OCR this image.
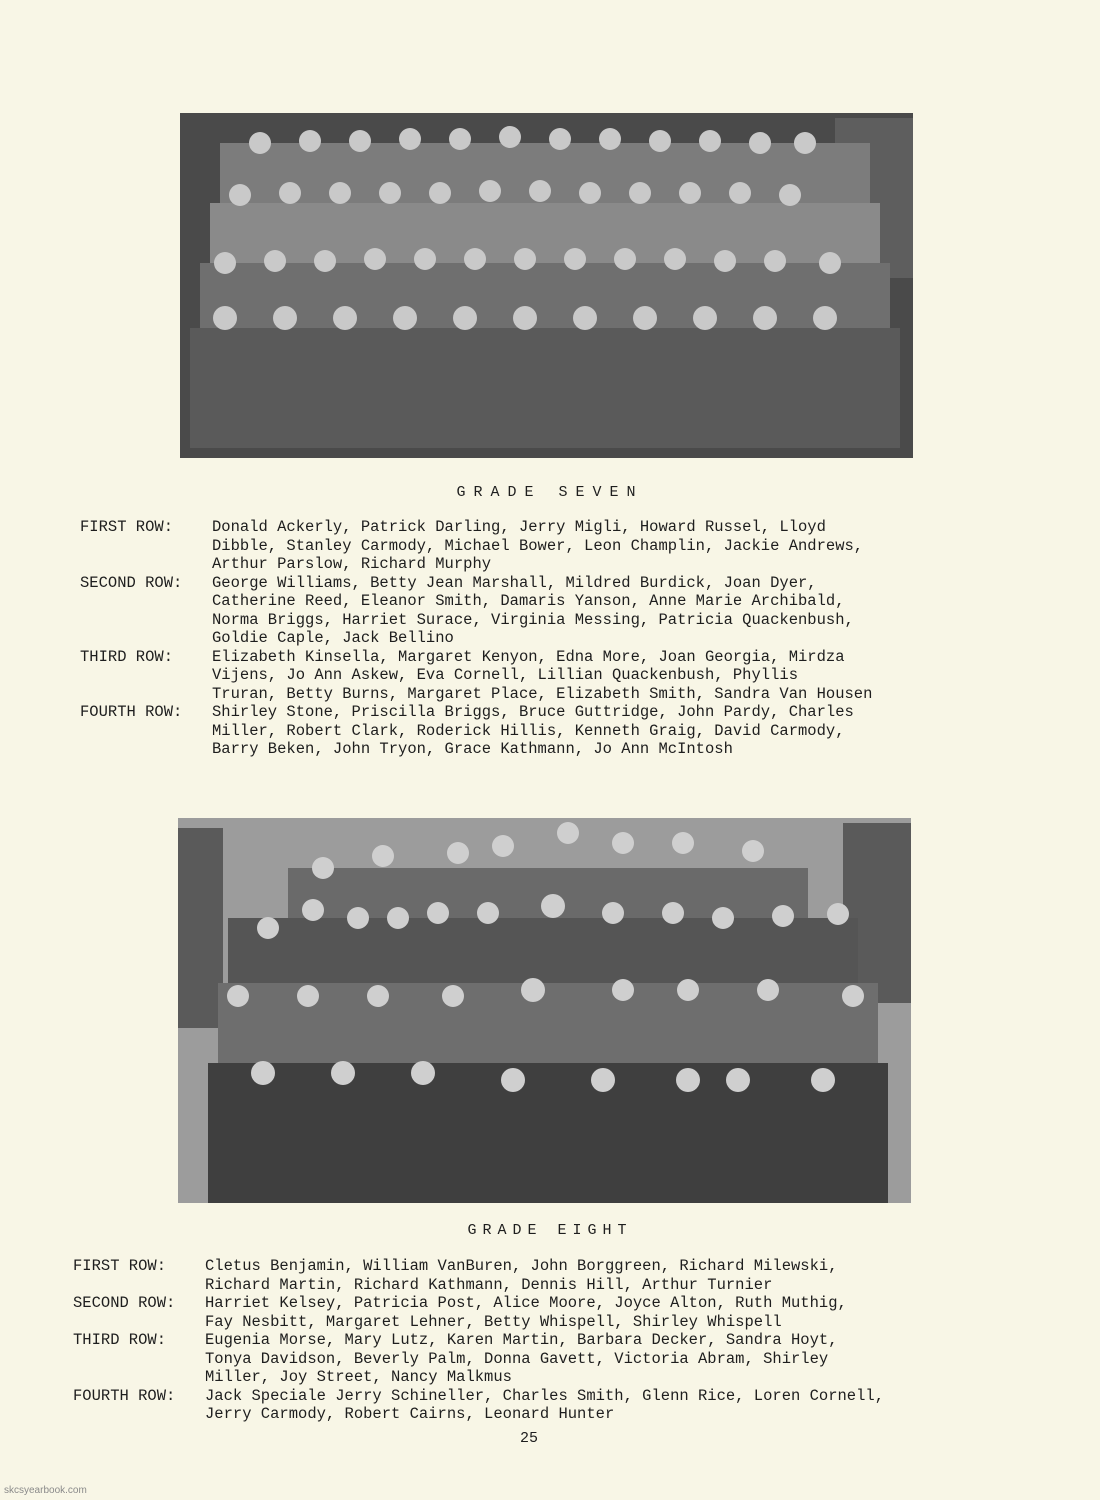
GRADE SEVEN
FIRST ROW:	Donald Ackerly, Patrick Darling, Jerry Migli, Howard Russel, Lloyd
Dibble, Stanley Carmody, Michael Bower, Leon Champlin, Jackie Andrews,
Arthur Parslow, Richard Murphy
SECOND ROW:	George Williams, Betty Jean Marshall, Mildred Burdick, Joan Dyer,
Catherine Reed, Eleanor Smith, Damaris Yanson, Anne Marie Archibald,
Norma Briggs, Harriet Surace, Virginia Messing, Patricia Quackenbush,
Goldie Caple, Jack Bellino
THIRD ROW:	Elizabeth Kinsella, Margaret Kenyon, Edna More, Joan Georgia, Mirdza
Vijens, Jo Ann Askew, Eva Cornell, Lillian Quackenbush, Phyllis
Truran, Betty Burns, Margaret Place, Elizabeth Smith, Sandra Van Housen
FOURTH ROW:	Shirley Stone, Priscilla Briggs, Bruce Guttridge, John Pardy, Charles
Miller, Robert Clark, Roderick Hillis, Kenneth Graig, David Carmody,
Barry Beken, John Tryon, Grace Kathmann, Jo Ann McIntosh
GRADE EIGHT
FIRST ROW:	Cletus Benjamin, William VanBuren, John Borggreen, Richard Milewski,
Richard Martin, Richard Kathmann, Dennis Hill, Arthur Turnier
SECOND ROW:	Harriet Kelsey, Patricia Post, Alice Moore, Joyce Alton, Ruth Muthig,
Fay Nesbitt, Margaret Lehner, Betty Whispell, Shirley Whispell
THIRD ROW:	Eugenia Morse, Mary Lutz, Karen Martin, Barbara Decker, Sandra Hoyt,
Tonya Davidson, Beverly Palm, Donna Gavett, Victoria Abram, Shirley
Miller, Joy Street, Nancy Malkmus
FOURTH ROW:	Jack Speciale Jerry Schineller, Charles Smith, Glenn Rice, Loren Cornell,
Jerry Carmody, Robert Cairns, Leonard Hunter
25
skcsyearbook.com
